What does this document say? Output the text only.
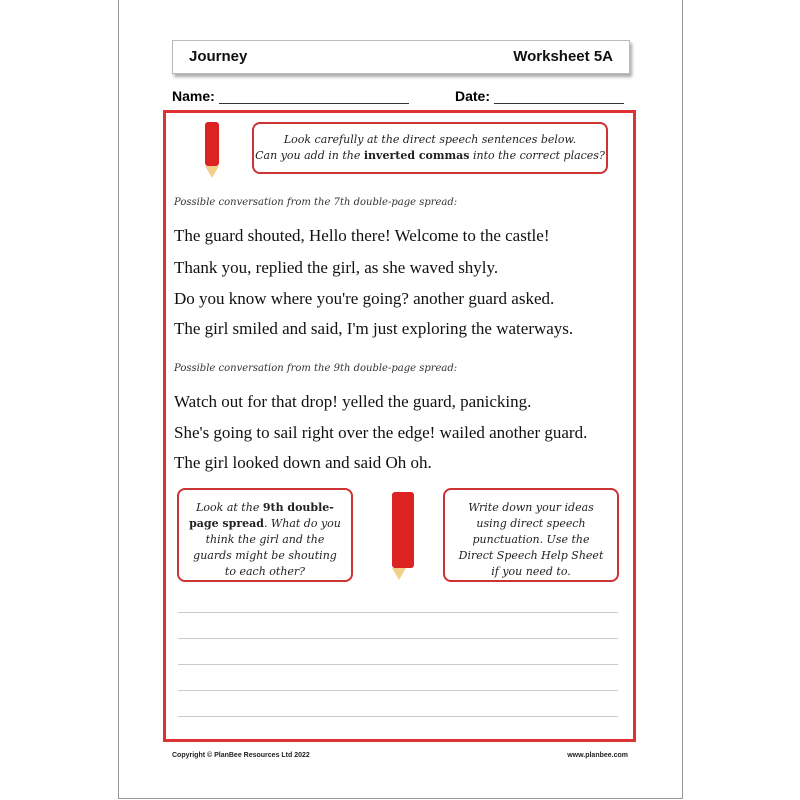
Journey	Worksheet 5A
Name:	Date:
Look carefully at the direct speech sentences below.
Can you add in the inverted commas into the correct places?
Possible conversation from the 7th double-page spread:
The guard shouted, Hello there! Welcome to the castle!
Thank you, replied the girl, as she waved shyly.
Do you know where you're going? another guard asked.
The girl smiled and said, I'm just exploring the waterways.
Possible conversation from the 9th double-page spread:
Watch out for that drop! yelled the guard, panicking.
She's going to sail right over the edge! wailed another guard.
The girl looked down and said Oh oh.
Look at the 9th double-page spread. What do you think the girl and the guards might be shouting to each other?
Write down your ideas using direct speech punctuation. Use the Direct Speech Help Sheet if you need to.
Copyright © PlanBee Resources Ltd 2022	www.planbee.com
